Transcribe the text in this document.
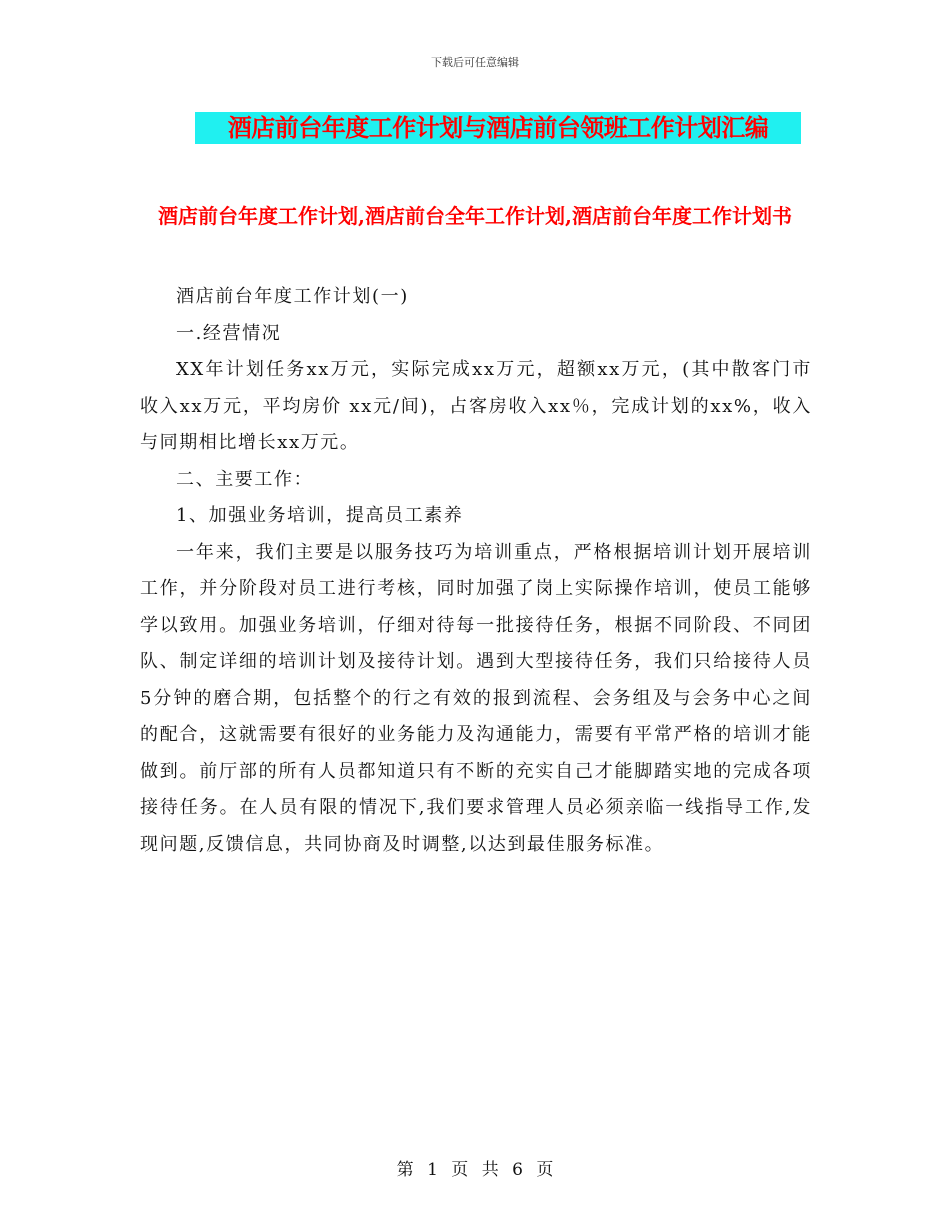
下载后可任意编辑
酒店前台年度工作计划与酒店前台领班工作计划汇编
酒店前台年度工作计划,酒店前台全年工作计划,酒店前台年度工作计划书

酒店前台年度工作计划(一)

一.经营情况

XX年计划任务xx万元，实际完成xx万元，超额xx万元，(其中散客门市收入xx万元，平均房价 xx元/间)，占客房收入xx％，完成计划的xx%，收入与同期相比增长xx万元。

二、主要工作：

1、加强业务培训，提高员工素养

一年来，我们主要是以服务技巧为培训重点，严格根据培训计划开展培训工作，并分阶段对员工进行考核，同时加强了岗上实际操作培训，使员工能够学以致用。加强业务培训，仔细对待每一批接待任务，根据不同阶段、不同团队、制定详细的培训计划及接待计划。遇到大型接待任务，我们只给接待人员5分钟的磨合期，包括整个的行之有效的报到流程、会务组及与会务中心之间的配合，这就需要有很好的业务能力及沟通能力，需要有平常严格的培训才能做到。前厅部的所有人员都知道只有不断的充实自己才能脚踏实地的完成各项接待任务。在人员有限的情况下,我们要求管理人员必须亲临一线指导工作,发现问题,反馈信息，共同协商及时调整,以达到最佳服务标准。

第 1 页 共 6 页
